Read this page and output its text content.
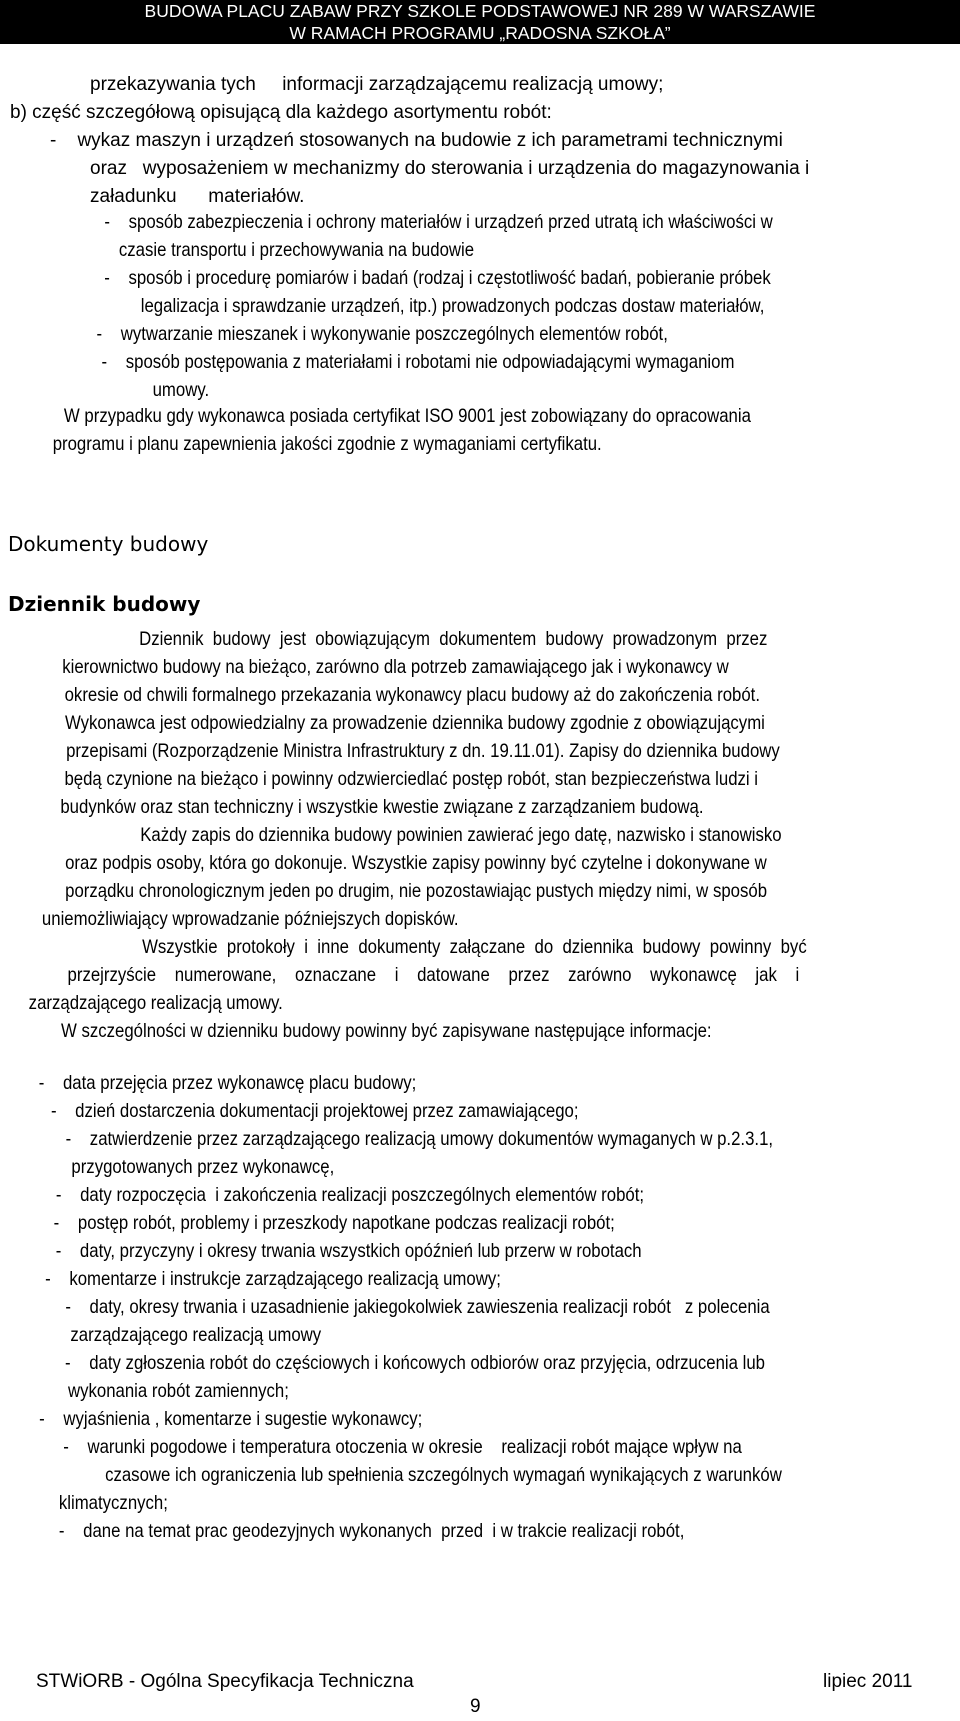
BUDOWA PLACU ZABAW PRZY SZKOLE PODSTAWOWEJ NR 289 W WARSZAWIE
W RAMACH PROGRAMU „RADOSNA SZKOŁA”
przekazywania tych     informacji zarządzającemu realizacją umowy;
b) część szczegółową opisującą dla każdego asortymentu robót:
-    wykaz maszyn i urządzeń stosowanych na budowie z ich parametrami technicznymi
oraz   wyposażeniem w mechanizmy do sterowania i urządzenia do magazynowania i
załadunku      materiałów.
-    sposób zabezpieczenia i ochrony materiałów i urządzeń przed utratą ich właściwości w
czasie transportu i przechowywania na budowie
-    sposób i procedurę pomiarów i badań (rodzaj i częstotliwość badań, pobieranie próbek
legalizacja i sprawdzanie urządzeń, itp.) prowadzonych podczas dostaw materiałów,
-    wytwarzanie mieszanek i wykonywanie poszczególnych elementów robót,
-    sposób postępowania z materiałami i robotami nie odpowiadającymi wymaganiom
umowy.
W przypadku gdy wykonawca posiada certyfikat ISO 9001 jest zobowiązany do opracowania
programu i planu zapewnienia jakości zgodnie z wymaganiami certyfikatu.
Dokumenty budowy
Dziennik budowy
Dziennik  budowy  jest  obowiązującym  dokumentem  budowy  prowadzonym  przez
kierownictwo budowy na bieżąco, zarówno dla potrzeb zamawiającego jak i wykonawcy w
okresie od chwili formalnego przekazania wykonawcy placu budowy aż do zakończenia robót.
Wykonawca jest odpowiedzialny za prowadzenie dziennika budowy zgodnie z obowiązującymi
przepisami (Rozporządzenie Ministra Infrastruktury z dn. 19.11.01). Zapisy do dziennika budowy
będą czynione na bieżąco i powinny odzwierciedlać postęp robót, stan bezpieczeństwa ludzi i
budynków oraz stan techniczny i wszystkie kwestie związane z zarządzaniem budową.
Każdy zapis do dziennika budowy powinien zawierać jego datę, nazwisko i stanowisko
oraz podpis osoby, która go dokonuje. Wszystkie zapisy powinny być czytelne i dokonywane w
porządku chronologicznym jeden po drugim, nie pozostawiając pustych między nimi, w sposób
uniemożliwiający wprowadzanie późniejszych dopisków.
Wszystkie  protokoły  i  inne  dokumenty  załączane  do  dziennika  budowy  powinny  być
przejrzyście    numerowane,    oznaczane    i    datowane    przez    zarówno    wykonawcę    jak    i
zarządzającego realizacją umowy.
W szczególności w dzienniku budowy powinny być zapisywane następujące informacje:
-    data przejęcia przez wykonawcę placu budowy;
-    dzień dostarczenia dokumentacji projektowej przez zamawiającego;
-    zatwierdzenie przez zarządzającego realizacją umowy dokumentów wymaganych w p.2.3.1,
przygotowanych przez wykonawcę,
-    daty rozpoczęcia  i zakończenia realizacji poszczególnych elementów robót;
-    postęp robót, problemy i przeszkody napotkane podczas realizacji robót;
-    daty, przyczyny i okresy trwania wszystkich opóźnień lub przerw w robotach
-    komentarze i instrukcje zarządzającego realizacją umowy;
-    daty, okresy trwania i uzasadnienie jakiegokolwiek zawieszenia realizacji robót   z polecenia
zarządzającego realizacją umowy
-    daty zgłoszenia robót do częściowych i końcowych odbiorów oraz przyjęcia, odrzucenia lub
wykonania robót zamiennych;
-    wyjaśnienia , komentarze i sugestie wykonawcy;
-    warunki pogodowe i temperatura otoczenia w okresie    realizacji robót mające wpływ na
czasowe ich ograniczenia lub spełnienia szczególnych wymagań wynikających z warunków
klimatycznych;
-    dane na temat prac geodezyjnych wykonanych  przed  i w trakcie realizacji robót,
STWiORB - Ogólna Specyfikacja Techniczna	lipiec 2011
9
